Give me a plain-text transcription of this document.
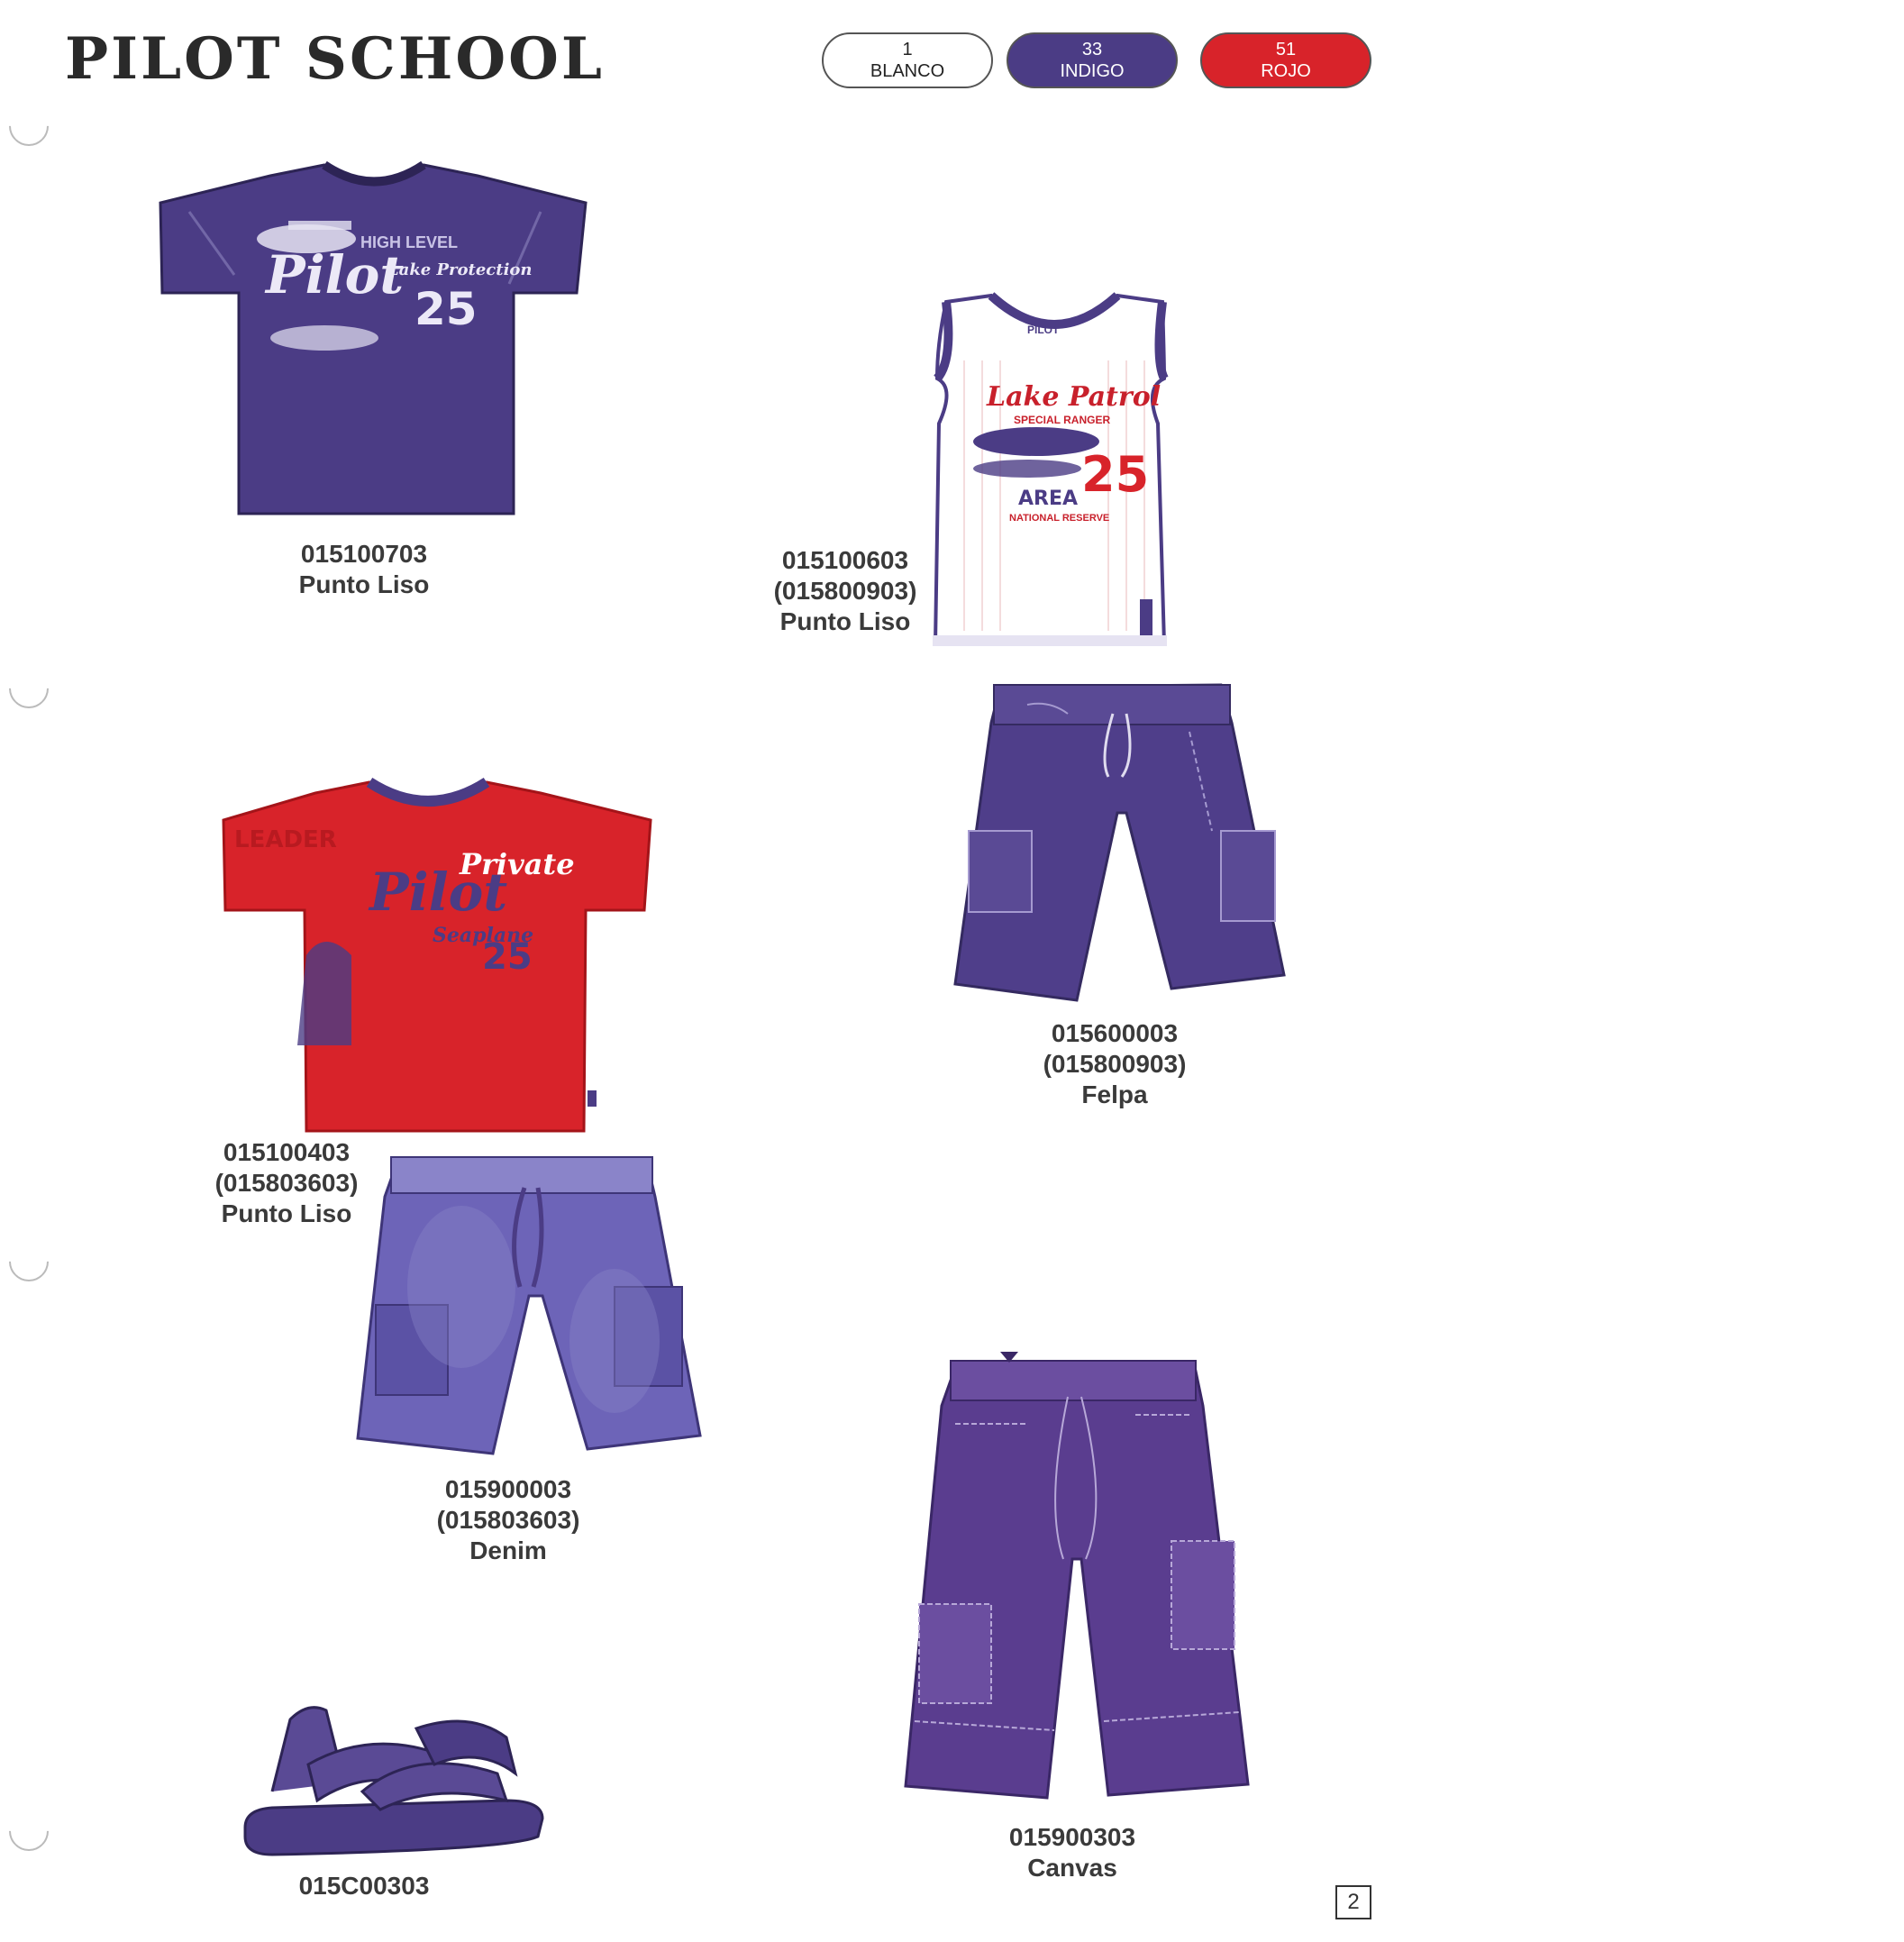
PILOT SCHOOL	1
BLANCO
33
INDIGO
51
ROJO
Pilot
HIGH LEVEL
Lake Protection
25
015100703
Punto Liso
PILOT
Lake Patrol
SPECIAL RANGER
25
AREA
NATIONAL RESERVE
015100603
(015800903)
Punto Liso
015600003
(015800903)
Felpa
LEADER
Private
Pilot
Seaplane
25
015100403
(015803603)
Punto Liso
015900003
(015803603)
Denim
015C00303
015900303
Canvas
2
